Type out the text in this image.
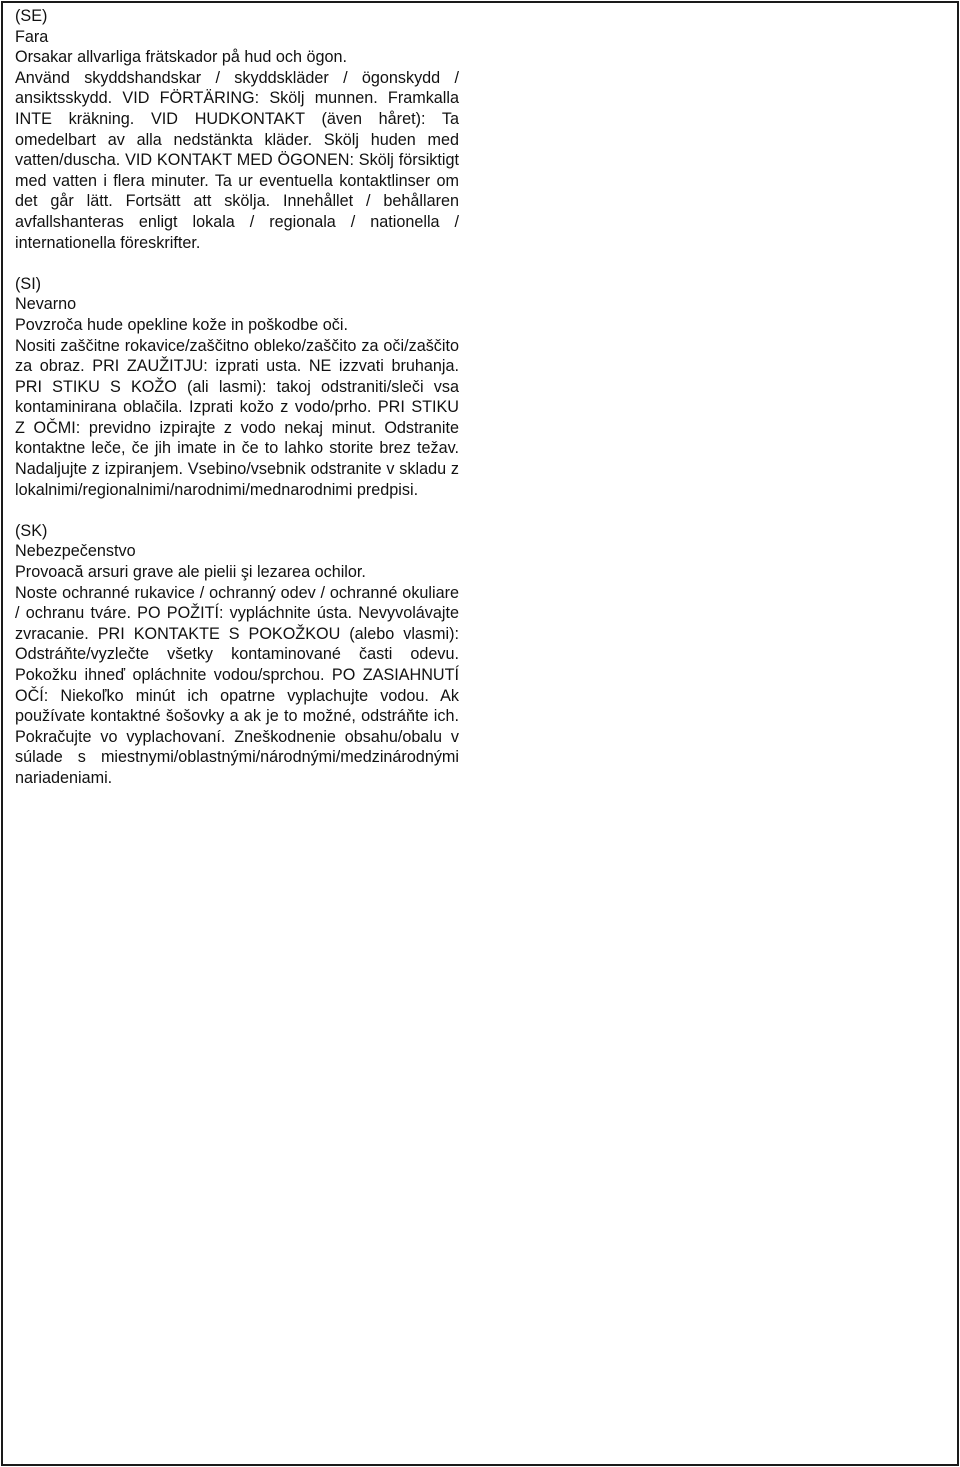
(SE)
Fara
Orsakar allvarliga frätskador på hud och ögon.
Använd skyddshandskar / skyddskläder / ögonskydd / ansiktsskydd. VID FÖRTÄRING: Skölj munnen. Framkalla INTE kräkning. VID HUDKONTAKT (även håret): Ta omedelbart av alla nedstänkta kläder. Skölj huden med vatten/duscha. VID KONTAKT MED ÖGONEN: Skölj försiktigt med vatten i flera minuter. Ta ur eventuella kontaktlinser om det går lätt. Fortsätt att skölja. Innehållet / behållaren avfallshanteras enligt lokala / regionala / nationella / internationella föreskrifter.
(SI)
Nevarno
Povzroča hude opekline kože in poškodbe oči.
Nositi zaščitne rokavice/zaščitno obleko/zaščito za oči/zaščito za obraz. PRI ZAUŽITJU: izprati usta. NE izzvati bruhanja. PRI STIKU S KOŽO (ali lasmi): takoj odstraniti/sleči vsa kontaminirana oblačila. Izprati kožo z vodo/prho. PRI STIKU Z OČMI: previdno izpirajte z vodo nekaj minut. Odstranite kontaktne leče, če jih imate in če to lahko storite brez težav. Nadaljujte z izpiranjem. Vsebino/vsebnik odstranite v skladu z lokalnimi/regionalnimi/narodnimi/mednarodnimi predpisi.
(SK)
Nebezpečenstvo
Provoacă arsuri grave ale pielii şi lezarea ochilor.
Noste ochranné rukavice / ochranný odev / ochranné okuliare / ochranu tváre. PO POŽITÍ: vypláchnite ústa. Nevyvolávajte zvracanie. PRI KONTAKTE S POKOŽKOU (alebo vlasmi): Odstráňte/vyzlečte všetky kontaminované časti odevu. Pokožku ihneď opláchnite vodou/sprchou. PO ZASIAHNUTÍ OČÍ: Niekoľko minút ich opatrne vyplachujte vodou. Ak používate kontaktné šošovky a ak je to možné, odstráňte ich. Pokračujte vo vyplachovaní. Zneškodnenie obsahu/obalu v súlade s miestnymi/oblastnými/národnými/medzinárodnými nariadeniami.
